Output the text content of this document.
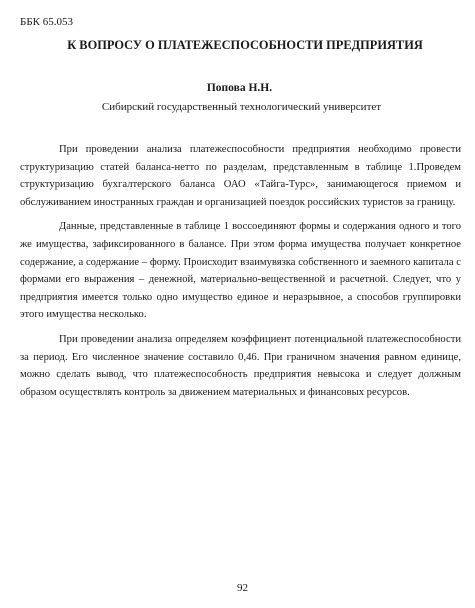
ББК 65.053
К ВОПРОСУ О ПЛАТЕЖЕСПОСОБНОСТИ ПРЕДПРИЯТИЯ
Попова Н.Н.
Сибирский государственный технологический университет

При проведении анализа платежеспособности предприятия необходимо провести структуризацию статей баланса-нетто по разделам, представленным в таблице 1.Проведем структуризацию бухгалтерского баланса ОАО «Тайга-Турс», занимающегося приемом и обслуживанием иностранных граждан и организацией поездок российских туристов за границу.

Данные, представленные в таблице 1 воссоединяют формы и содержания одного и того же имущества, зафиксированного в балансе. При этом форма имущества получает конкретное содержание, а содержание – форму. Происходит взаимувязка собственного и заемного капитала с формами его выражения – денежной, материально-вещественной и расчетной. Следует, что у предприятия имеется только одно имущество единое и неразрывное, а способов группировки этого имущества несколько.

При проведении анализа определяем коэффициент потенциальной платежеспособности за период. Его численное значение составило 0,46. При граничном значения равном единице, можно сделать вывод, что платежеспособность предприятия невысока и следует должным образом осуществлять контроль за движением материальных и финансовых ресурсов.

92
